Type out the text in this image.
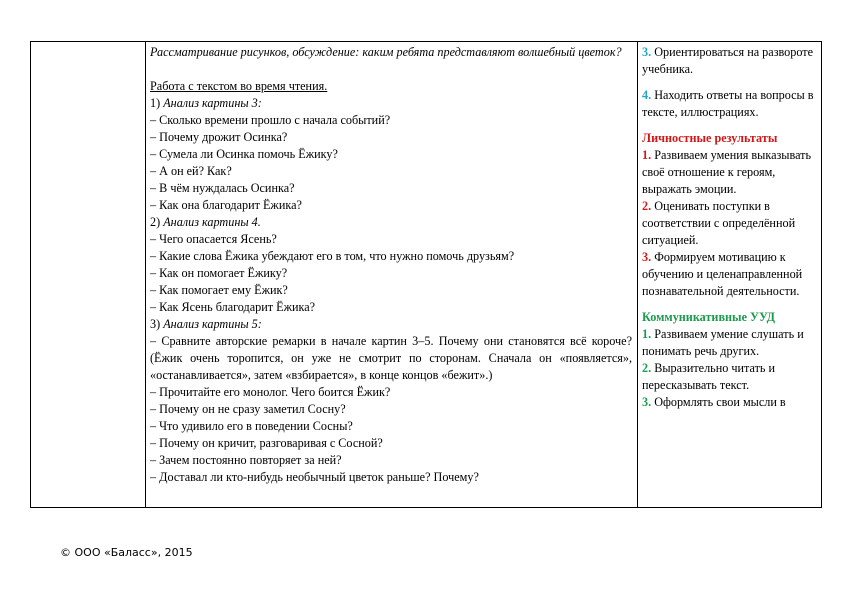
Рассматривание рисунков, обсуждение: каким ребята представляют волшебный цветок?
Работа с текстом во время чтения.
1) Анализ картины 3:
– Сколько времени прошло с начала событий?
– Почему дрожит Осинка?
– Сумела ли Осинка помочь Ёжику?
– А он ей? Как?
– В чём нуждалась Осинка?
– Как она благодарит Ёжика?
2) Анализ картины 4.
– Чего опасается Ясень?
– Какие слова Ёжика убеждают его в том, что нужно помочь друзьям?
– Как он помогает Ёжику?
– Как помогает ему Ёжик?
– Как Ясень благодарит Ёжика?
3) Анализ картины 5:
– Сравните авторские ремарки в начале картин 3–5. Почему они становятся всё короче? (Ёжик очень торопится, он уже не смотрит по сторонам. Сначала он «появляется», «останавливается», затем «взбирается», в конце концов «бежит».)
– Прочитайте его монолог. Чего боится Ёжик?
– Почему он не сразу заметил Сосну?
– Что удивило его в поведении Сосны?
– Почему он кричит, разговаривая с Сосной?
– Зачем постоянно повторяет за ней?
– Доставал ли кто-нибудь необычный цветок раньше? Почему?
3. Ориентироваться на развороте учебника.
4. Находить ответы на вопросы в тексте, иллюстрациях.
Личностные результаты
1. Развиваем умения выказывать своё отношение к героям, выражать эмоции.
2. Оценивать поступки в соответствии с определённой ситуацией.
3. Формируем мотивацию к обучению и целенаправленной познавательной деятельности.
Коммуникативные УУД
1. Развиваем умение слушать и понимать речь других.
2. Выразительно читать и пересказывать текст.
3. Оформлять свои мысли в
© ООО «Баласс», 2015
